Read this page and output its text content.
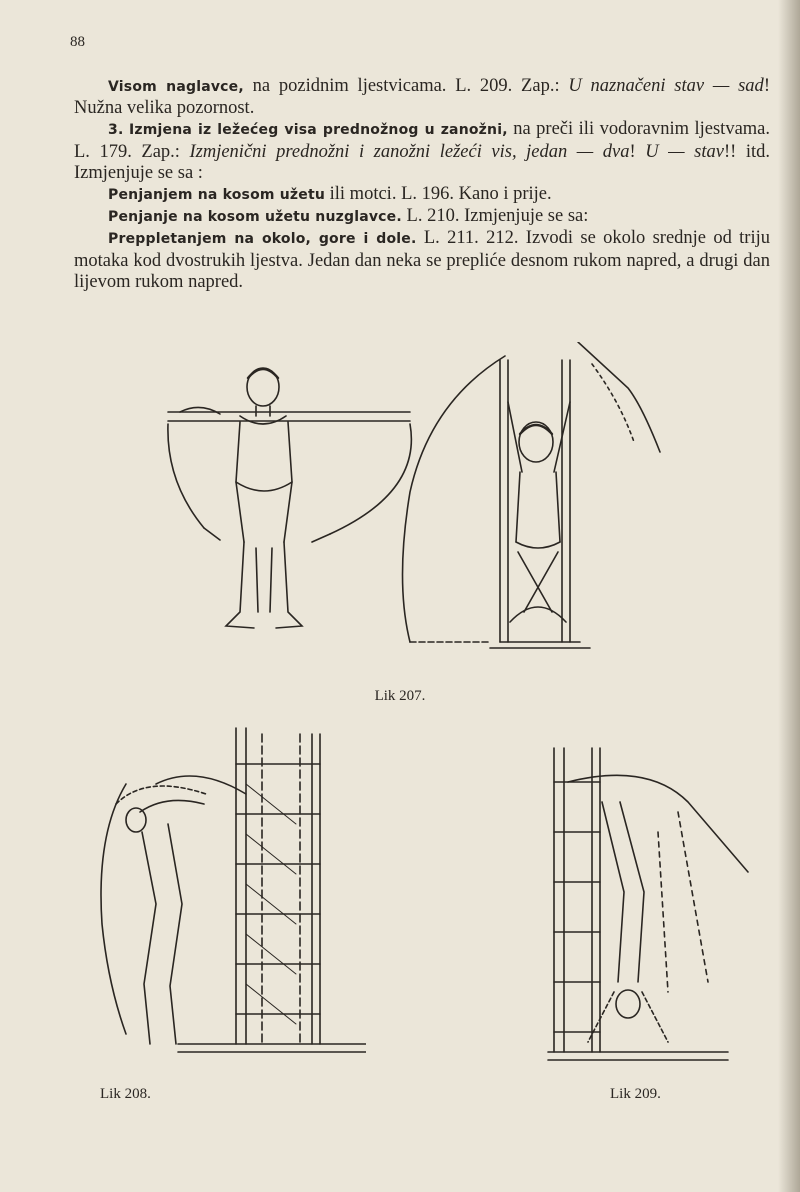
88

Visom naglavce, na pozidnim ljestvicama. L. 209. Zap.: U naznačeni stav — sad! Nužna velika pozornost.

3. Izmjena iz ležećeg visa prednožnog u zanožni, na preči ili vodoravnim ljestvama. L. 179. Zap.: Izmjenični prednožni i zanožni ležeći vis, jedan — dva! U — stav!! itd. Izmjenjuje se sa :

Penjanjem na kosom užetu ili motci. L. 196. Kano i prije.

Penjanje na kosom užetu nuzglavce. L. 210. Izmjenjuje se sa:

Preppletanjem na okolo, gore i dole. L. 211. 212. Izvodi se okolo srednje od triju motaka kod dvostrukih ljestva. Jedan dan neka se prepliće desnom rukom napred, a drugi dan lijevom rukom napred.

Lik 207.
Lik 208.	Lik 209.
